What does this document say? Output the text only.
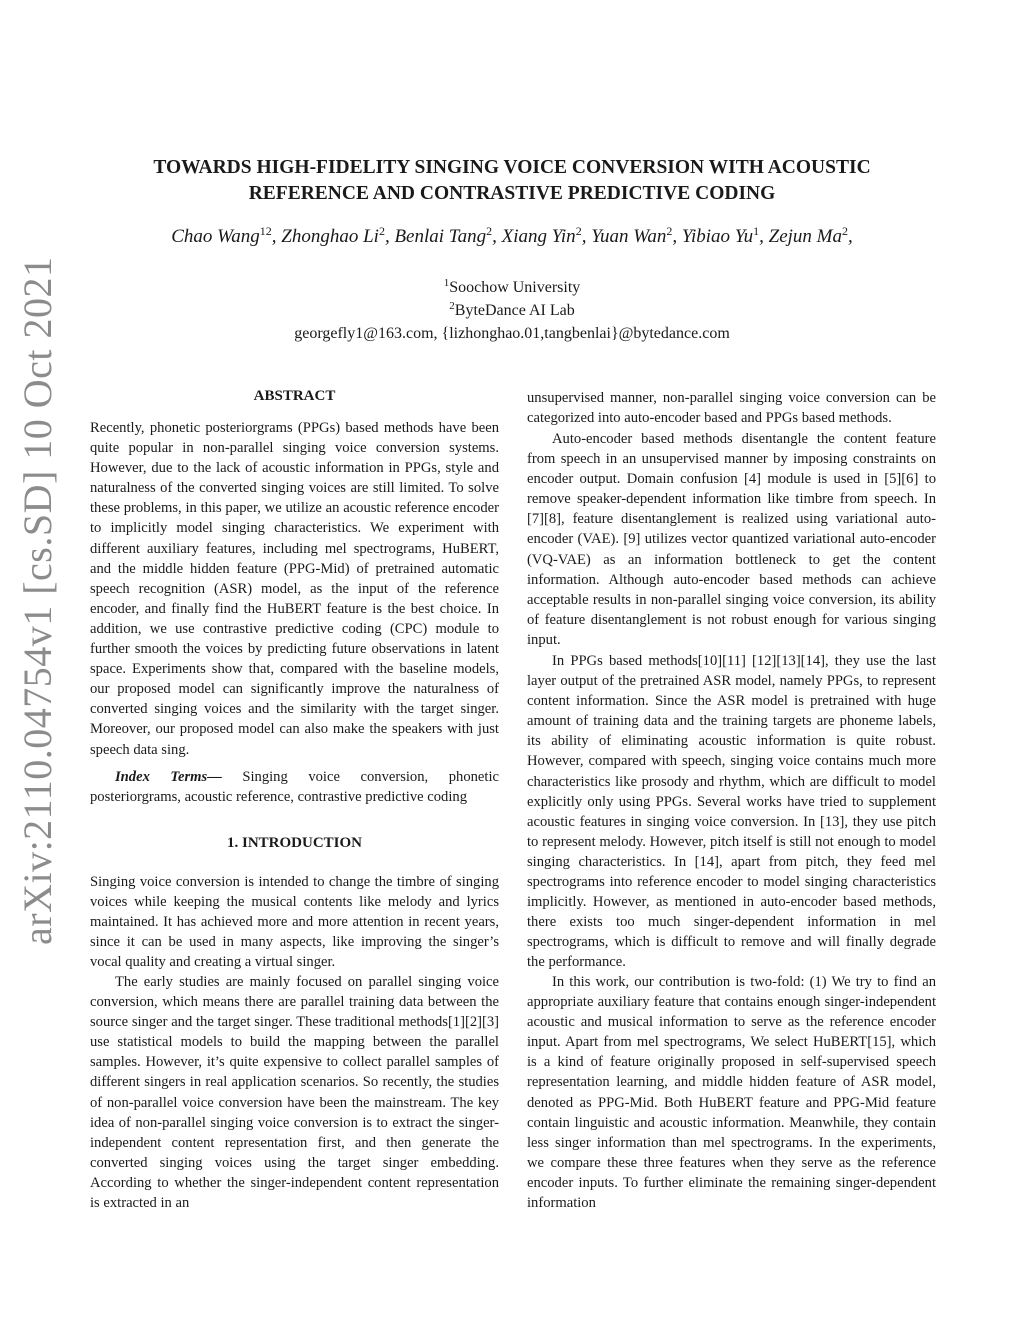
arXiv:2110.04754v1 [cs.SD] 10 Oct 2021
TOWARDS HIGH-FIDELITY SINGING VOICE CONVERSION WITH ACOUSTIC
REFERENCE AND CONTRASTIVE PREDICTIVE CODING
Chao Wang$^{12}$, Zhonghao Li$^2$, Benlai Tang$^2$, Xiang Yin$^2$, Yuan Wan$^2$, Yibiao Yu$^1$, Zejun Ma$^2$,
$^1$Soochow University
$^2$ByteDance AI Lab
georgefly1@163.com, {lizhonghao.01,tangbenlai}@bytedance.com
ABSTRACT
Recently, phonetic posteriorgrams (PPGs) based methods have been quite popular in non-parallel singing voice conversion systems. However, due to the lack of acoustic information in PPGs, style and naturalness of the converted singing voices are still limited. To solve these problems, in this paper, we utilize an acoustic reference encoder to implicitly model singing characteristics. We experiment with different auxiliary features, including mel spectrograms, HuBERT, and the middle hidden feature (PPG-Mid) of pretrained automatic speech recognition (ASR) model, as the input of the reference encoder, and finally find the HuBERT feature is the best choice. In addition, we use contrastive predictive coding (CPC) module to further smooth the voices by predicting future observations in latent space. Experiments show that, compared with the baseline models, our proposed model can significantly improve the naturalness of converted singing voices and the similarity with the target singer. Moreover, our proposed model can also make the speakers with just speech data sing.
Index Terms— Singing voice conversion, phonetic posteriorgrams, acoustic reference, contrastive predictive coding
1. INTRODUCTION
Singing voice conversion is intended to change the timbre of singing voices while keeping the musical contents like melody and lyrics maintained. It has achieved more and more attention in recent years, since it can be used in many aspects, like improving the singer’s vocal quality and creating a virtual singer.
The early studies are mainly focused on parallel singing voice conversion, which means there are parallel training data between the source singer and the target singer. These traditional methods[1][2][3] use statistical models to build the mapping between the parallel samples. However, it’s quite expensive to collect parallel samples of different singers in real application scenarios. So recently, the studies of non-parallel voice conversion have been the mainstream. The key idea of non-parallel singing voice conversion is to extract the singer-independent content representation first, and then generate the converted singing voices using the target singer embedding. According to whether the singer-independent content representation is extracted in an
unsupervised manner, non-parallel singing voice conversion can be categorized into auto-encoder based and PPGs based methods.
Auto-encoder based methods disentangle the content feature from speech in an unsupervised manner by imposing constraints on encoder output. Domain confusion [4] module is used in [5][6] to remove speaker-dependent information like timbre from speech. In [7][8], feature disentanglement is realized using variational auto-encoder (VAE). [9] utilizes vector quantized variational auto-encoder (VQ-VAE) as an information bottleneck to get the content information. Although auto-encoder based methods can achieve acceptable results in non-parallel singing voice conversion, its ability of feature disentanglement is not robust enough for various singing input.
In PPGs based methods[10][11] [12][13][14], they use the last layer output of the pretrained ASR model, namely PPGs, to represent content information. Since the ASR model is pretrained with huge amount of training data and the training targets are phoneme labels, its ability of eliminating acoustic information is quite robust. However, compared with speech, singing voice contains much more characteristics like prosody and rhythm, which are difficult to model explicitly only using PPGs. Several works have tried to supplement acoustic features in singing voice conversion. In [13], they use pitch to represent melody. However, pitch itself is still not enough to model singing characteristics. In [14], apart from pitch, they feed mel spectrograms into reference encoder to model singing characteristics implicitly. However, as mentioned in auto-encoder based methods, there exists too much singer-dependent information in mel spectrograms, which is difficult to remove and will finally degrade the performance.
In this work, our contribution is two-fold: (1) We try to find an appropriate auxiliary feature that contains enough singer-independent acoustic and musical information to serve as the reference encoder input. Apart from mel spectrograms, We select HuBERT[15], which is a kind of feature originally proposed in self-supervised speech representation learning, and middle hidden feature of ASR model, denoted as PPG-Mid. Both HuBERT feature and PPG-Mid feature contain linguistic and acoustic information. Meanwhile, they contain less singer information than mel spectrograms. In the experiments, we compare these three features when they serve as the reference encoder inputs. To further eliminate the remaining singer-dependent information
